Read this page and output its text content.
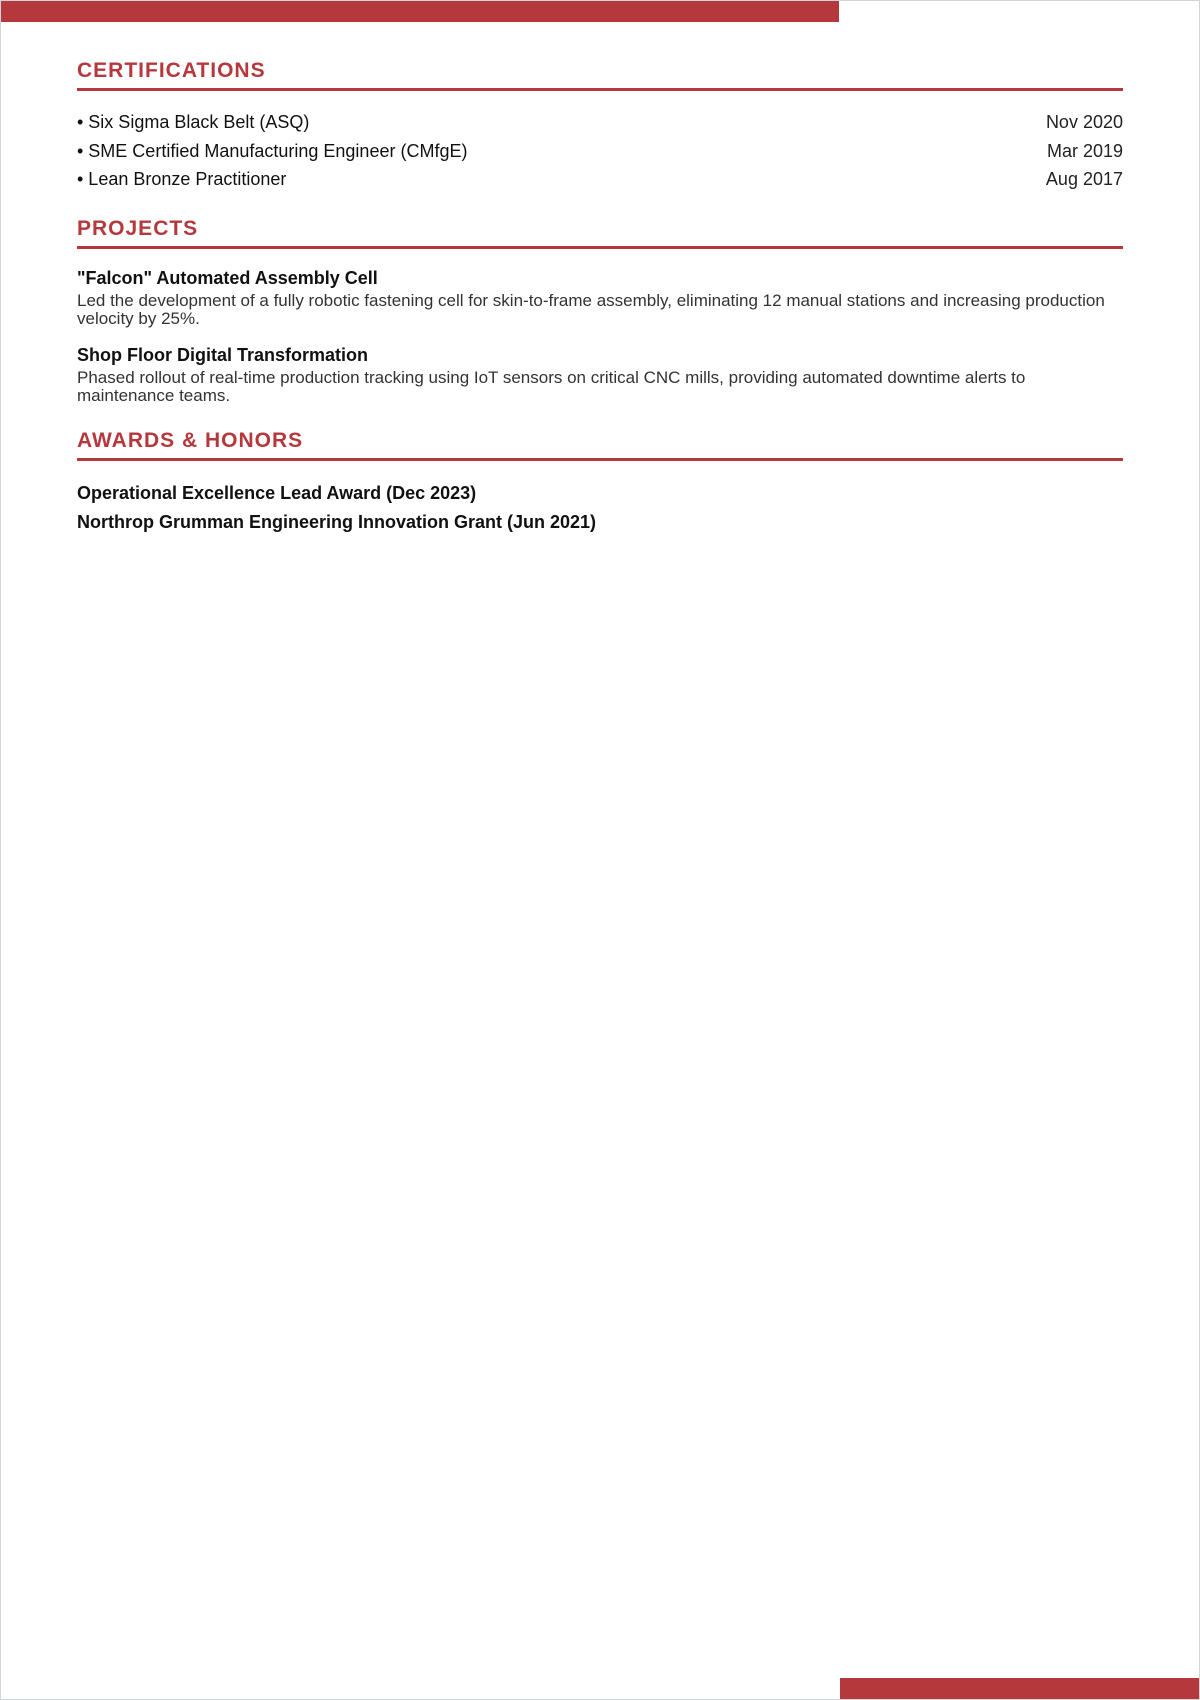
CERTIFICATIONS
• Six Sigma Black Belt (ASQ)	Nov 2020
• SME Certified Manufacturing Engineer (CMfgE)	Mar 2019
• Lean Bronze Practitioner	Aug 2017
PROJECTS

"Falcon" Automated Assembly Cell

Led the development of a fully robotic fastening cell for skin-to-frame assembly, eliminating 12 manual stations and increasing production velocity by 25%.

Shop Floor Digital Transformation

Phased rollout of real-time production tracking using IoT sensors on critical CNC mills, providing automated downtime alerts to maintenance teams.

AWARDS & HONORS
Operational Excellence Lead Award (Dec 2023)
Northrop Grumman Engineering Innovation Grant (Jun 2021)
